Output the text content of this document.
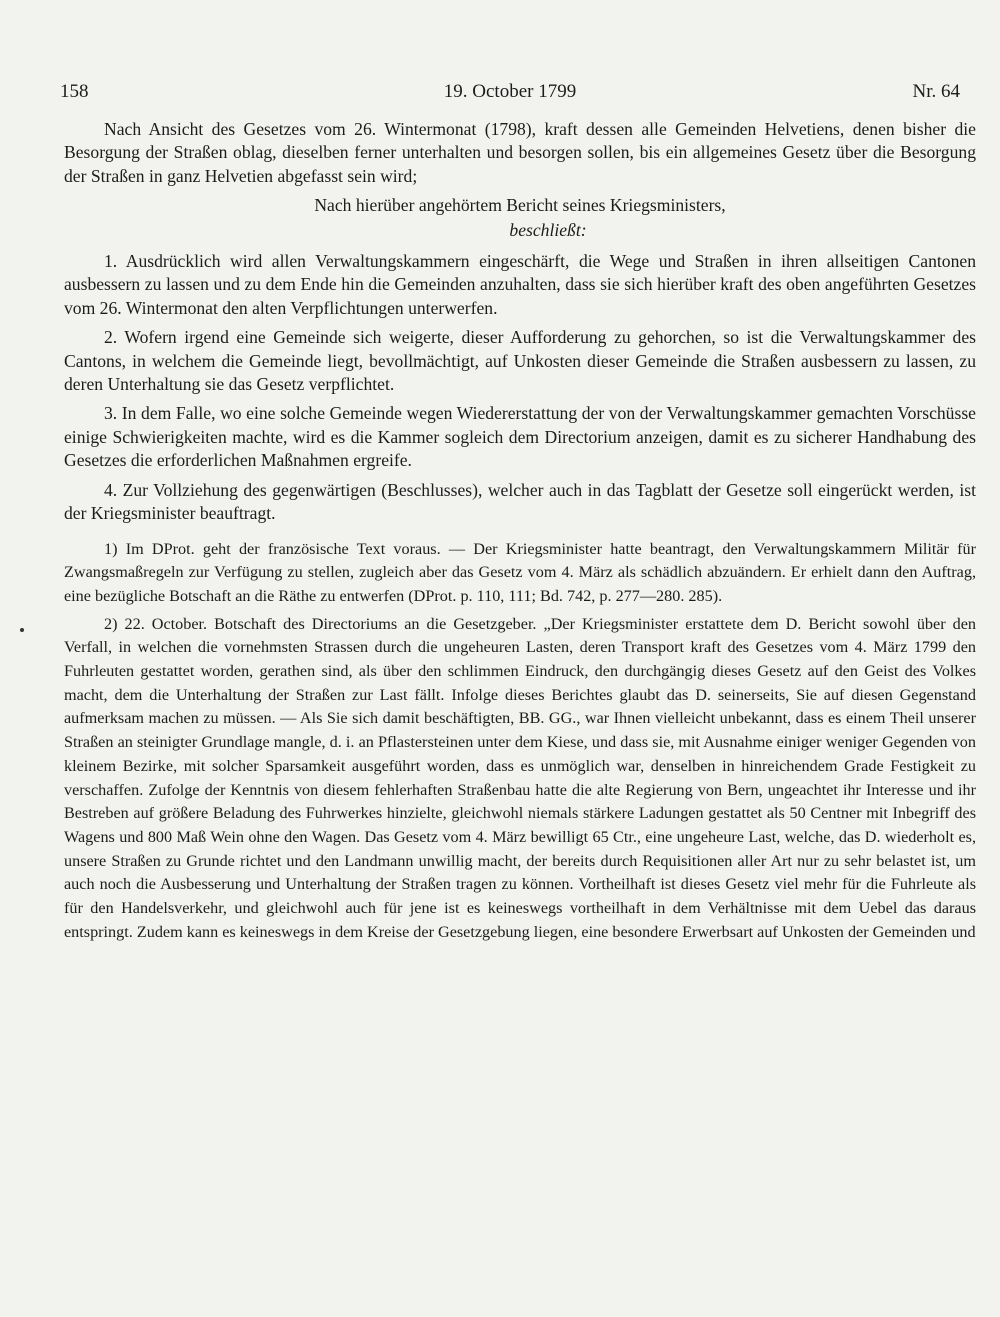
158	19. October 1799	Nr. 64

Nach Ansicht des Gesetzes vom 26. Wintermonat (1798), kraft dessen alle Gemeinden Helvetiens, denen bisher die Besorgung der Straßen oblag, dieselben ferner unterhalten und besorgen sollen, bis ein allgemeines Gesetz über die Besorgung der Straßen in ganz Helvetien abgefasst sein wird;

Nach hierüber angehörtem Bericht seines Kriegsministers,

beschließt:

1. Ausdrücklich wird allen Verwaltungskammern eingeschärft, die Wege und Straßen in ihren allseitigen Cantonen ausbessern zu lassen und zu dem Ende hin die Gemeinden anzuhalten, dass sie sich hierüber kraft des oben angeführten Gesetzes vom 26. Wintermonat den alten Verpflichtungen unterwerfen.

2. Wofern irgend eine Gemeinde sich weigerte, dieser Aufforderung zu gehorchen, so ist die Verwaltungskammer des Cantons, in welchem die Gemeinde liegt, bevollmächtigt, auf Unkosten dieser Gemeinde die Straßen ausbessern zu lassen, zu deren Unterhaltung sie das Gesetz verpflichtet.

3. In dem Falle, wo eine solche Gemeinde wegen Wiedererstattung der von der Verwaltungskammer gemachten Vorschüsse einige Schwierigkeiten machte, wird es die Kammer sogleich dem Directorium anzeigen, damit es zu sicherer Handhabung des Gesetzes die erforderlichen Maßnahmen ergreife.

4. Zur Vollziehung des gegenwärtigen (Beschlusses), welcher auch in das Tagblatt der Gesetze soll eingerückt werden, ist der Kriegsminister beauftragt.

1) Im DProt. geht der französische Text voraus. — Der Kriegsminister hatte beantragt, den Verwaltungskammern Militär für Zwangsmaßregeln zur Verfügung zu stellen, zugleich aber das Gesetz vom 4. März als schädlich abzuändern. Er erhielt dann den Auftrag, eine bezügliche Botschaft an die Räthe zu entwerfen (DProt. p. 110, 111; Bd. 742, p. 277—280. 285).

2) 22. October. Botschaft des Directoriums an die Gesetzgeber. „Der Kriegsminister erstattete dem D. Bericht sowohl über den Verfall, in welchen die vornehmsten Strassen durch die ungeheuren Lasten, deren Transport kraft des Gesetzes vom 4. März 1799 den Fuhrleuten gestattet worden, gerathen sind, als über den schlimmen Eindruck, den durchgängig dieses Gesetz auf den Geist des Volkes macht, dem die Unterhaltung der Straßen zur Last fällt. Infolge dieses Berichtes glaubt das D. seinerseits, Sie auf diesen Gegenstand aufmerksam machen zu müssen. — Als Sie sich damit beschäftigten, BB. GG., war Ihnen vielleicht unbekannt, dass es einem Theil unserer Straßen an steinigter Grundlage mangle, d. i. an Pflastersteinen unter dem Kiese, und dass sie, mit Ausnahme einiger weniger Gegenden von kleinem Bezirke, mit solcher Sparsamkeit ausgeführt worden, dass es unmöglich war, denselben in hinreichendem Grade Festigkeit zu verschaffen. Zufolge der Kenntnis von diesem fehlerhaften Straßenbau hatte die alte Regierung von Bern, ungeachtet ihr Interesse und ihr Bestreben auf größere Beladung des Fuhrwerkes hinzielte, gleichwohl niemals stärkere Ladungen gestattet als 50 Centner mit Inbegriff des Wagens und 800 Maß Wein ohne den Wagen. Das Gesetz vom 4. März bewilligt 65 Ctr., eine ungeheure Last, welche, das D. wiederholt es, unsere Straßen zu Grunde richtet und den Landmann unwillig macht, der bereits durch Requisitionen aller Art nur zu sehr belastet ist, um auch noch die Ausbesserung und Unterhaltung der Straßen tragen zu können. Vortheilhaft ist dieses Gesetz viel mehr für die Fuhrleute als für den Handelsverkehr, und gleichwohl auch für jene ist es keineswegs vortheilhaft in dem Verhältnisse mit dem Uebel das daraus entspringt. Zudem kann es keineswegs in dem Kreise der Gesetzgebung liegen, eine besondere Erwerbsart auf Unkosten der Gemeinden und
